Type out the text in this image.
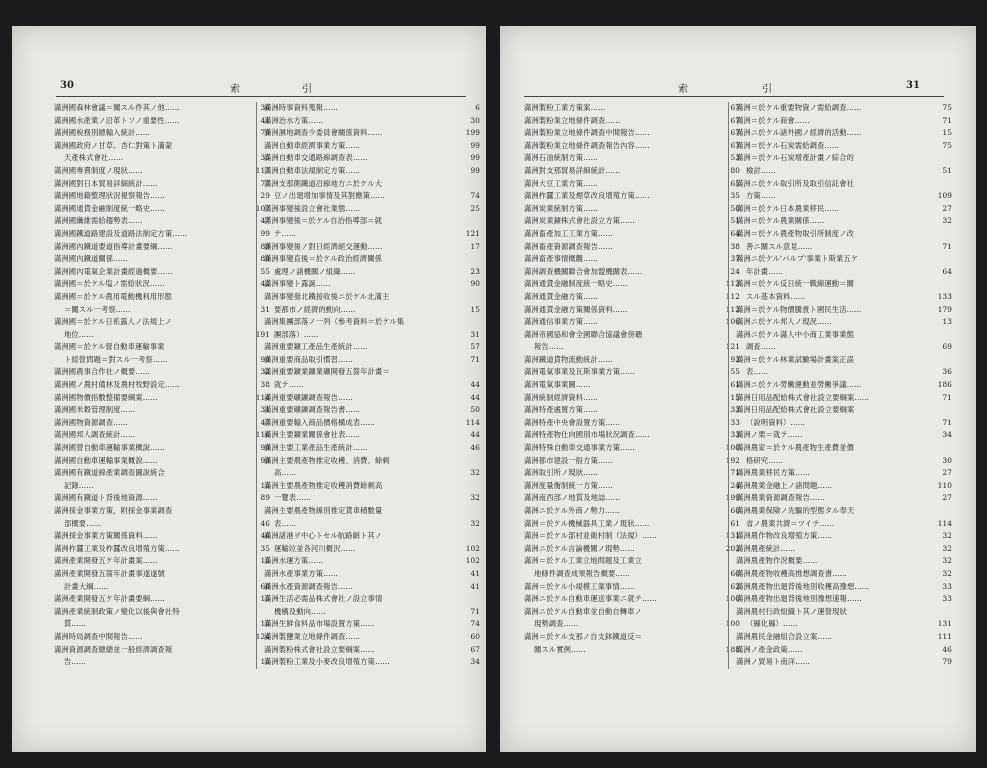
30	索	引
滿洲國森林會議＝關スル件其ノ他…… 36
滿洲國水產業ノ沿革トソノ重要性…… 41
滿洲國稅務別總輸入統計…… 79
滿洲國政府ノ甘草、杏仁對策ト滿蒙
天產株式會社…… 35
滿洲國專賣制度ノ現狀…… 117
滿洲國對日本貿易詳細統計…… 77
滿洲國地籍整理狀況視察報告…… 29
滿洲國通貨金融制度統一略史…… 107
滿洲國纖維需給趨勢表…… 47
滿洲國鐵道路建設及道路法制定方策…… 99
滿洲國內鐵道要道指導計畫要綱…… 89
滿洲國內鐵道關係…… 89
滿洲國內電氣企業計畫經過概要…… 55
滿洲國＝於ケル塩ノ需給狀況…… 42
滿洲國＝於ケル農用電動機利用形態
＝關スル一考察…… 31
滿洲國＝於ケル日系露人ノ法規上ノ
地位…… 191
滿洲國＝於ケル營自動車運輸事業
ト經營問題＝對スル一考察…… 99
滿洲國農事合作社ノ概要…… 32
滿洲國ノ農村備林及農村牧野設定…… 38
滿洲國物價指數整備要綱案…… 114
滿洲國米穀管理制度…… 31
滿洲國物資源調查…… 47
滿洲國邦人調查統計…… 116
滿洲國營自動車運輸事業概說…… 99
滿洲國自動車運輸事業概說…… 99
滿洲國有鐵道線產業調查圖說統合
記錄…… 15
滿洲國有鐵道ト背後地資源…… 89
滿洲採金事業方策，附採金事業調查
部概要…… 46
滿洲採金事業方策關係資料…… 46
滿洲柞蠶工業及柞蠶改良增殖方策…… 35
滿洲產業開發五ケ年計畫案…… 15
滿洲產業開發五箇年計畫事遂遂號
計畫大綱…… 60
滿洲產業開發五ケ年計畫要綱…… 15
滿洲產業統制政策ノ變化以後與會社特
質…… 15
滿洲時局調查中間報告…… 124
滿洲資源調查總總並一般經濟調查報
告…… 15
滿洲時事資料蒐報…… 6
滿洲治水方策…… 30
滿洲濕地調查少委員會關係資料…… 199
滿洲自動車經濟事業方策…… 99
滿洲自動車交通路線調查表…… 99
滿洲自動車法規制定方策…… 99
滿洲支那側鐵道沿線地方ニ於ケル大
豆ノ出廻增加事情及其對應策…… 74
滿洲事變後設立會社業態…… 25
滿洲事變後＝於ケル自治指導部＝就
テ…… 121
滿洲事變後ノ對日經濟絕交運動…… 17
滿洲事變直後＝於ケル政治經濟關係
處理ノ諸機關ノ組織…… 23
滿洲事變ト露誕…… 90
滿洲事變發北鐵接收後ニ於ケル北滿主
要都市ノ經濟的動向…… 15
滿洲集團部落ノ一列（參考資料＝於ケル集
團部落）…… 31
滿洲重要鑛工產品生產統計…… 57
滿洲重要商品取引慣習…… 71
滿洲重要鑛業鑛業礦開發五箇年計畫＝
就テ…… 44
滿洲重要礦鑛調查報告…… 44
滿洲重要礦鑛調查報告書…… 50
滿洲重要輸入商品價格構成表…… 114
滿洲主要鑛業關係會社表…… 44
滿洲主要工業產品生產統計…… 46
滿洲主要農產物推定收穫、消費、餘剩
高…… 32
滿洲主要農產物推定收穫消費餘剩高
一覽表…… 32
滿洲主要農產物線別推定貨車積數量
表…… 32
滿洲諸港ヲ中心トセル航路網ト其ノ
運輸竝並各河川概況…… 102
滿洲水運方策…… 102
滿洲水產事業方策…… 41
滿洲水產資源調查報告…… 41
滿洲生活必需品株式會社ノ設立事情
機構及動向…… 71
滿洲生鮮食料品市場設置方策…… 74
滿洲製鹽業立地條件調查…… 60
滿洲製粉株式會社設立要綱案…… 67
滿洲製粉工業及小麥改良增殖方策…… 34
索	引	31
滿洲製粉工業方策案…… 67
滿洲製粉業立地條件調查…… 67
滿洲製粉業立地條件調查中間報告…… 67
滿洲製粉業立地條件調查報告內容…… 67
滿洲石油統制方策…… 53
滿洲對支那貿易詳細統計…… 80
滿洲大豆工業方策…… 65
滿洲柞蠶工業及煙草改良增殖方策…… 35
滿洲炭業統制方策…… 50
滿洲炭業鑛株式會社設立方策…… 51
滿洲畜產加工工業方策…… 64
滿洲畜產資源調查報告…… 38
滿洲畜產事情概觀…… 37
滿洲調查機關聯合會加盟機關表…… 24
滿洲通貨金融制度統一略史…… 112
滿洲通貨金融方策…… 112
滿洲通貨金融方策關係資料…… 112
滿洲通信事業方策…… 106
滿洲帝國協和會全國聯合協議會傍聽
報告…… 121
滿洲鐵道貨物流動統計…… 92
滿洲電氣事業及瓦斯事業方策…… 55
滿洲電氣事業圖…… 61
滿洲統制經濟資料…… 15
滿洲特產處置方策…… 33
滿洲特產中央會設置方策…… 33
滿洲特產物仕向國別市場狀況調查…… 33
滿洲特殊自動車交通事業方策…… 100
滿洲都市建設一般方策…… 192
滿洲取引所ノ現狀…… 71
滿洲度量衡制統一方策…… 24
滿洲南西部ノ地質及地誌…… 199
滿洲ニ於ケル外商ノ勢力…… 60
滿洲＝於ケル機械器具工業ノ現狀…… 61
滿洲＝於ケル部村並衛村制（法規）…… 131
滿洲ニ於ケル言論機關ノ現勢…… 202
滿洲＝於ケル工業立地問題及工業立
地條件調查成果報告概要…… 60
滿洲＝於ケル小規模工業事情…… 62
滿洲ニ於ケル自動車運送事業ニ就テ…… 100
滿洲ニ於ケル自動車並自動自轉車ノ
現勢調查…… 100
滿洲＝於ケル支那ノ自支鉢鐵道反＝
關スル實例…… 188
滿洲＝於ケル重要物資ノ需給調查…… 75
滿洲＝於ケル商會…… 71
滿洲ニ於ケル諸外國ノ經濟的活動…… 15
滿洲＝於ケル石炭需給調查…… 75
滿洲＝於ケル石炭增產計畫ノ綜合的
檢討…… 51
滿洲ニ於ケル取引所及取引信託會社
方策…… 109
滿洲＝於ケル日本農業移民…… 27
滿洲＝於ケル農業關係…… 32
滿洲＝於ケル農產物取引所制度ノ改
善ニ關スル意見…… 71
滿洲ニ於ケル'パルプ'事業ト斯業五ケ
年計畫…… 64
滿洲＝於ケル反日統一戰線運動＝關
スル基本資料…… 133
滿洲＝於ケル物價騰貴ト國民生活…… 179
滿洲ニ於ケル邦人ノ現況…… 13
滿洲ニ於ケル滿人中小商工業事業態
調查…… 69
滿洲＝於ケル林業試驗場計畫案正誤
表…… 36
滿洲ニ於ケル勞働運動並勞働爭議…… 186
滿洲日用品配給株式會社設立要綱案…… 71
滿洲日用品配給株式會社設立要綱案
（說明資料）…… 71
滿洲ノ栗＝就テ…… 34
滿洲農家＝於ケル農產物生產費並價
格研究…… 30
滿洲農業移民方策…… 27
滿洲農業金融上ノ諸問題…… 110
滿洲農業資源調查報告…… 27
滿洲農業保險ノ先驅的型態タル奉天
省ノ農業共濟＝ツイテ…… 114
滿洲農作物改良增殖方策…… 32
滿洲農產統計…… 32
滿洲農產物作況概要…… 32
滿洲農產物收穫高推想調查書…… 32
滿洲農產物出廻背後地別收穫高豫想…… 33
滿洲農產物出廻背後地別豫想速報…… 33
滿洲農村行政組織ト其ノ運營現狀
（縣化縣）…… 131
滿洲農民金融組合設立案…… 111
滿洲ノ產金政策…… 46
滿洲ノ貿易ト南洋…… 79
